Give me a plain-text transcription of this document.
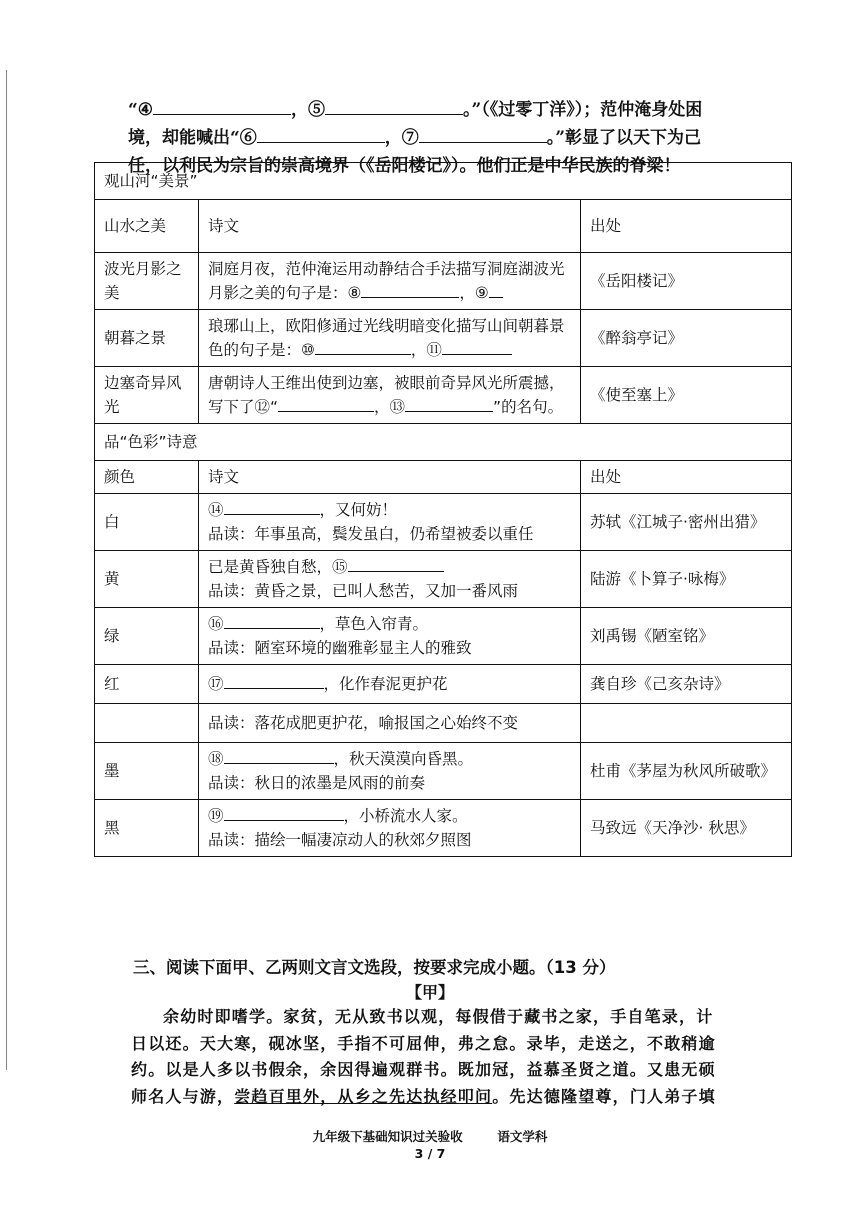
“④	，⑤	。”（《过零丁洋》）；范仲淹身处困
境，却能喊出“⑥	，⑦	。”彰显了以天下为己
任，以利民为宗旨的崇高境界（《岳阳楼记》）。他们正是中华民族的脊梁！
观山河“美景”		
山水之美	诗文	出处
波光月影之美	洞庭月夜，范仲淹运用动静结合手法描写洞庭湖波光月影之美的句子是：⑧ ，⑨	《岳阳楼记》
朝暮之景	琅琊山上，欧阳修通过光线明暗变化描写山间朝暮景色的句子是：⑩ ，⑪	《醉翁亭记》
边塞奇异风光	唐朝诗人王维出使到边塞，被眼前奇异风光所震撼，写下了⑫“ ，⑬ ”的名句。	《使至塞上》
品“色彩”诗意		
颜色	诗文	出处
白	⑭ ，又何妨！
品读：年事虽高，鬓发虽白，仍希望被委以重任	苏轼《江城子·密州出猎》
黄	已是黄昏独自愁，⑮
品读：黄昏之景，已叫人愁苦，又加一番风雨	陆游《卜算子·咏梅》
绿	⑯ ，草色入帘青。
品读：陋室环境的幽雅彰显主人的雅致	刘禹锡《陋室铭》
红	⑰ ，化作春泥更护花	龚自珍《己亥杂诗》
	品读：落花成肥更护花，喻报国之心始终不变	
墨	⑱ ，秋天漠漠向昏黑。
品读：秋日的浓墨是风雨的前奏	杜甫《茅屋为秋风所破歌》
黑	⑲ ，小桥流水人家。
品读：描绘一幅凄凉动人的秋郊夕照图	马致远《天净沙· 秋思》
三、阅读下面甲、乙两则文言文选段，按要求完成小题。（13 分）
【甲】

余幼时即嗜学。家贫，无从致书以观，每假借于藏书之家，手自笔录，计

日以还。天大寒，砚冰坚，手指不可屈伸，弗之怠。录毕，走送之，不敢稍逾

约。以是人多以书假余，余因得遍观群书。既加冠，益慕圣贤之道。又患无硕

师名人与游，尝趋百里外，从乡之先达执经叩问。先达德隆望尊，门人弟子填

九年级下基础知识过关验收        语文学科
3 / 7
